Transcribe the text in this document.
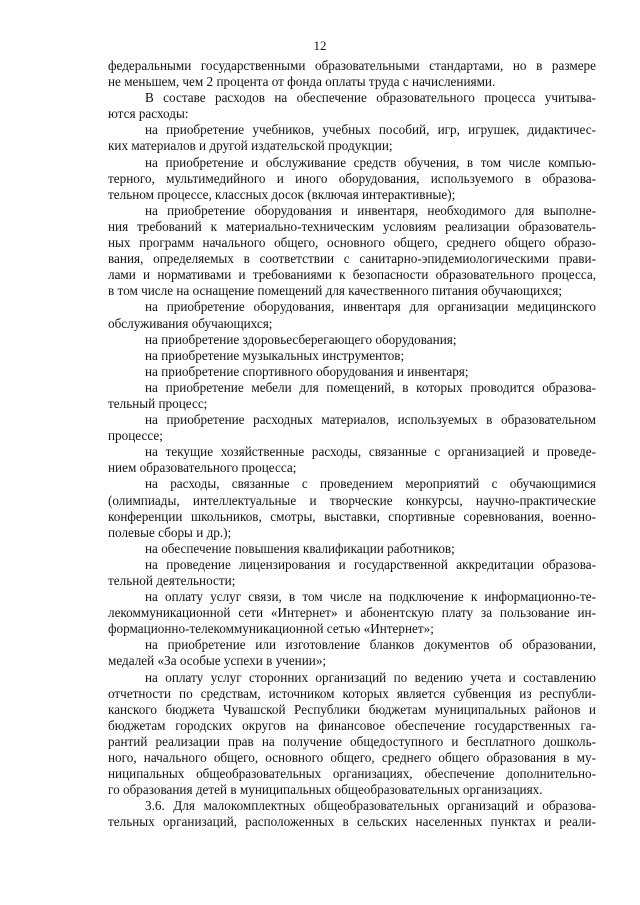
12
федеральными государственными образовательными стандартами, но в размере
не меньшем, чем 2 процента от фонда оплаты труда с начислениями.
В составе расходов на обеспечение образовательного процесса учитыва-
ются расходы:
на приобретение учебников, учебных пособий, игр, игрушек, дидактичес-
ких материалов и другой издательской продукции;
на приобретение и обслуживание средств обучения, в том числе компью-
терного, мультимедийного и иного оборудования, используемого в образова-
тельном процессе, классных досок (включая интерактивные);
на приобретение оборудования и инвентаря, необходимого для выполне-
ния требований к материально-техническим условиям реализации образователь-
ных программ начального общего, основного общего, среднего общего образо-
вания, определяемых в соответствии с санитарно-эпидемиологическими прави-
лами и нормативами и требованиями к безопасности образовательного процесса,
в том числе на оснащение помещений для качественного питания обучающихся;
на приобретение оборудования, инвентаря для организации медицинского
обслуживания обучающихся;
на приобретение здоровьесберегающего оборудования;
на приобретение музыкальных инструментов;
на приобретение спортивного оборудования и инвентаря;
на приобретение мебели для помещений, в которых проводится образова-
тельный процесс;
на приобретение расходных материалов, используемых в образовательном
процессе;
на текущие хозяйственные расходы, связанные с организацией и проведе-
нием образовательного процесса;
на расходы, связанные с проведением мероприятий с обучающимися
(олимпиады, интеллектуальные и творческие конкурсы, научно-практические
конференции школьников, смотры, выставки, спортивные соревнования, военно-
полевые сборы и др.);
на обеспечение повышения квалификации работников;
на проведение лицензирования и государственной аккредитации образова-
тельной деятельности;
на оплату услуг связи, в том числе на подключение к информационно-те-
лекоммуникационной сети «Интернет» и абонентскую плату за пользование ин-
формационно-телекоммуникационной сетью «Интернет»;
на приобретение или изготовление бланков документов об образовании,
медалей «За особые успехи в учении»;
на оплату услуг сторонних организаций по ведению учета и составлению
отчетности по средствам, источником которых является субвенция из республи-
канского бюджета Чувашской Республики бюджетам муниципальных районов и
бюджетам городских округов на финансовое обеспечение государственных га-
рантий реализации прав на получение общедоступного и бесплатного дошколь-
ного, начального общего, основного общего, среднего общего образования в му-
ниципальных общеобразовательных организациях, обеспечение дополнительно-
го образования детей в муниципальных общеобразовательных организациях.
3.6. Для малокомплектных общеобразовательных организаций и образова-
тельных организаций, расположенных в сельских населенных пунктах и реали-
